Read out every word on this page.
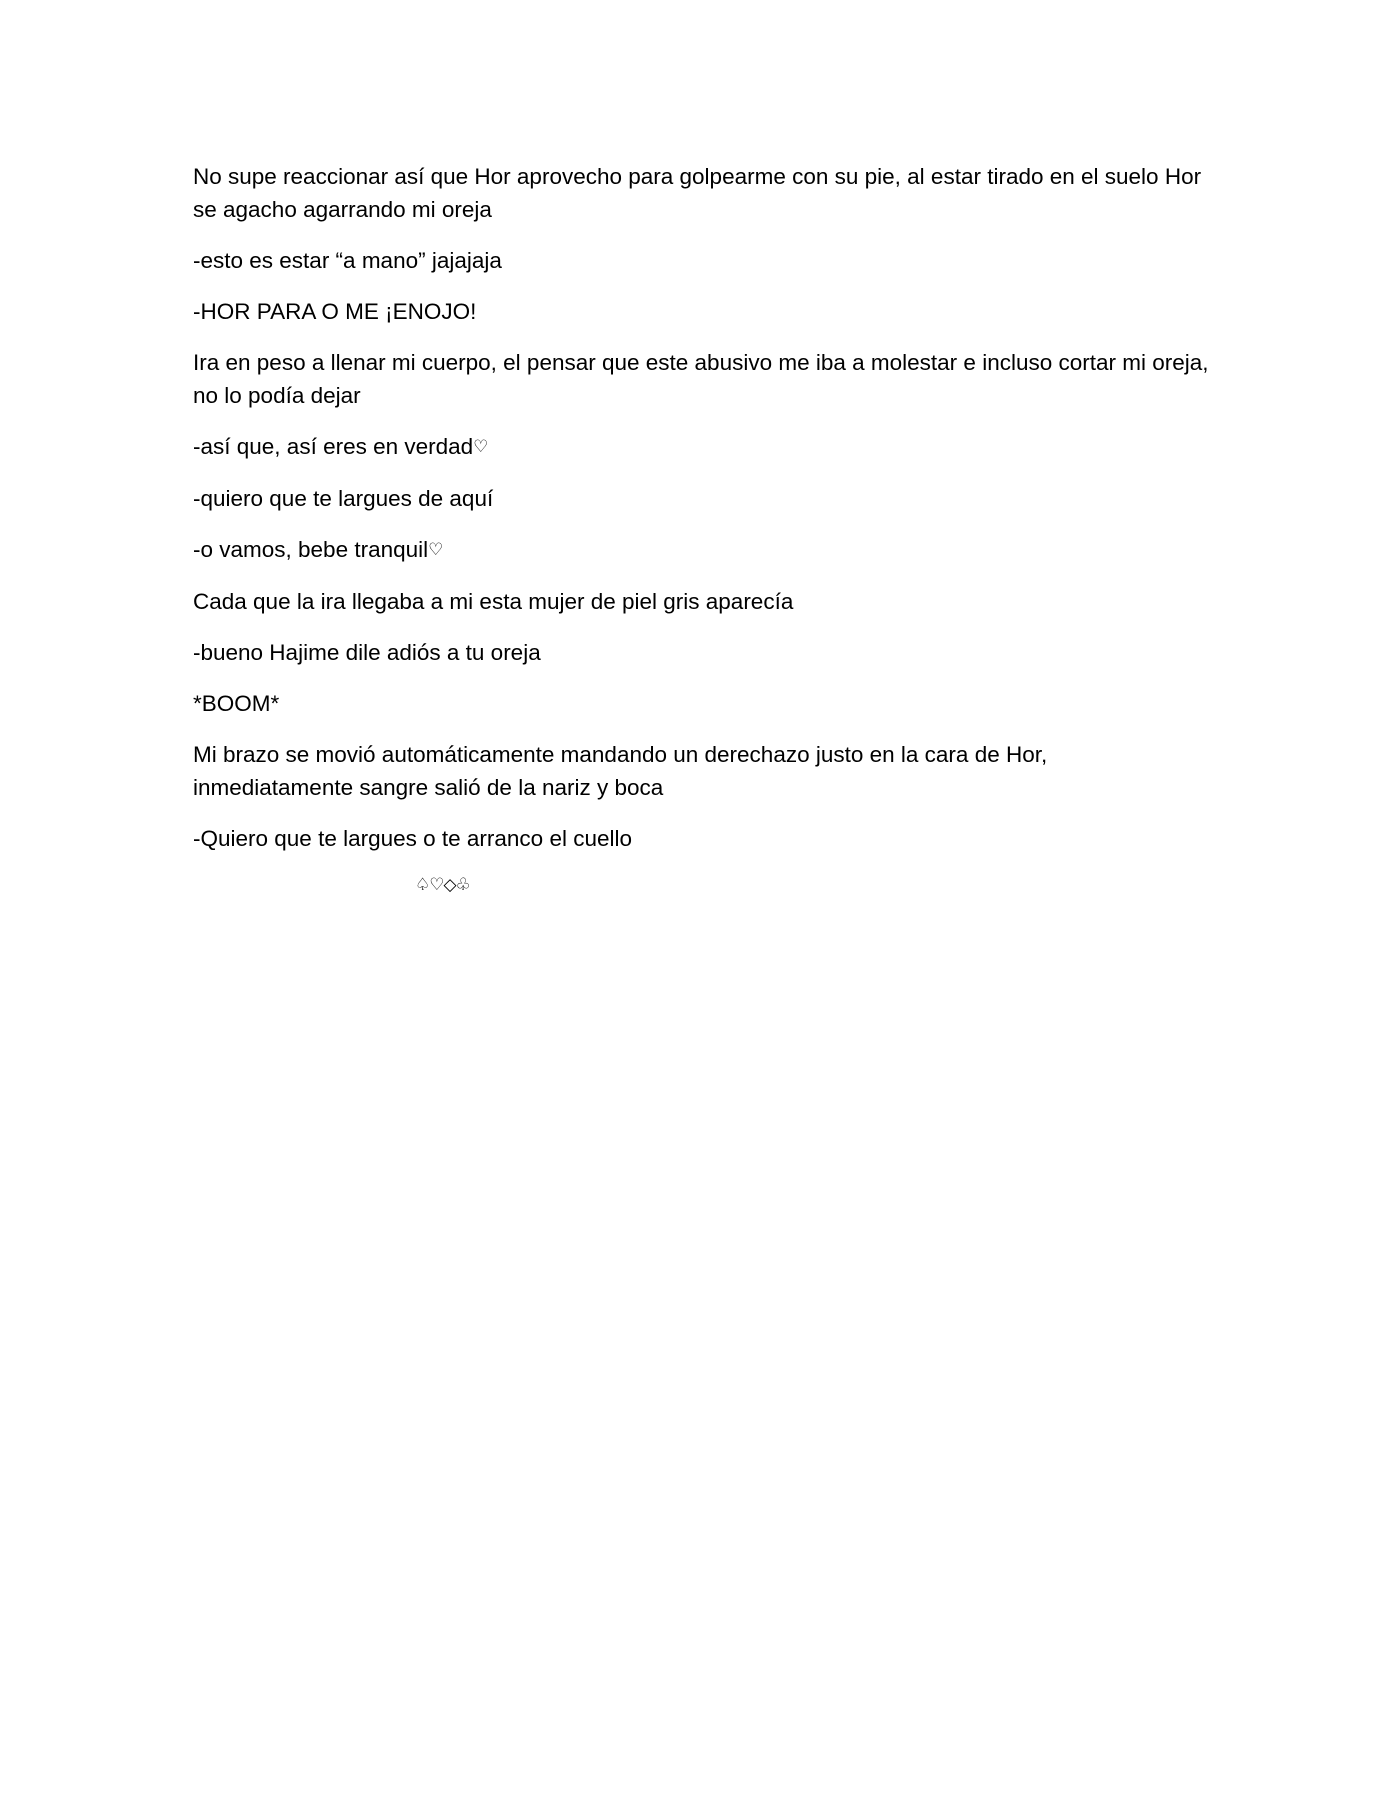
No supe reaccionar así que Hor aprovecho para golpearme con su pie, al estar tirado en el suelo Hor se agacho agarrando mi oreja

-esto es estar “a mano” jajajaja

-HOR PARA O ME ¡ENOJO!

Ira en peso a llenar mi cuerpo, el pensar que este abusivo me iba a molestar e incluso cortar mi oreja, no lo podía dejar

-así que, así eres en verdad♡

-quiero que te largues de aquí

-o vamos, bebe tranquil♡

Cada que la ira llegaba a mi esta mujer de piel gris aparecía

-bueno Hajime dile adiós a tu oreja

*BOOM*

Mi brazo se movió automáticamente mandando un derechazo justo en la cara de Hor, inmediatamente sangre salió de la nariz y boca

-Quiero que te largues o te arranco el cuello

♤♡◇♧
